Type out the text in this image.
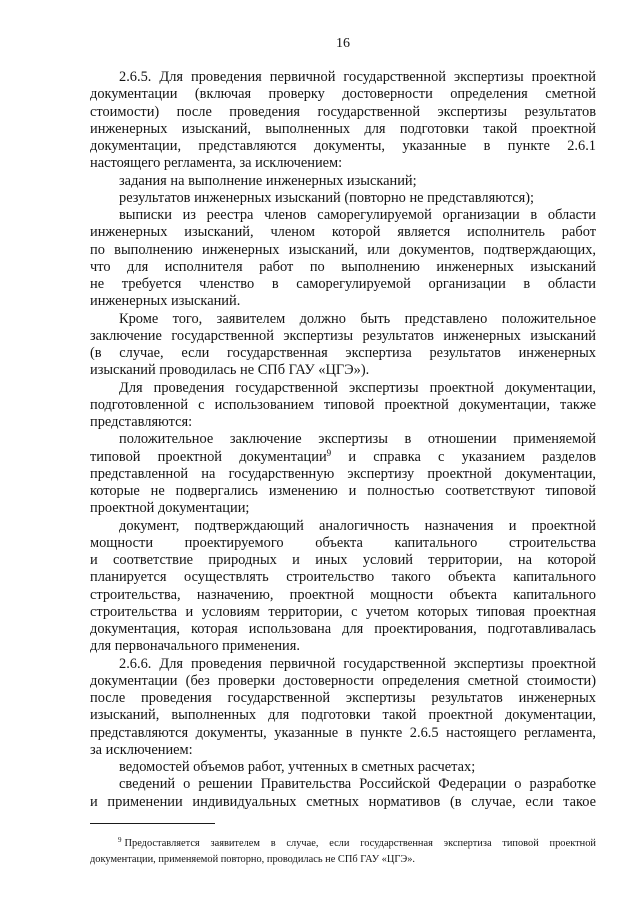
16
2.6.5. Для проведения первичной государственной экспертизы проектной
документации (включая проверку достоверности определения сметной
стоимости) после проведения государственной экспертизы результатов
инженерных изысканий, выполненных для подготовки такой проектной
документации, представляются документы, указанные в пункте 2.6.1
настоящего регламента, за исключением:
задания на выполнение инженерных изысканий;
результатов инженерных изысканий (повторно не представляются);
выписки из реестра членов саморегулируемой организации в области
инженерных изысканий, членом которой является исполнитель работ
по выполнению инженерных изысканий, или документов, подтверждающих,
что для исполнителя работ по выполнению инженерных изысканий
не требуется членство в саморегулируемой организации в области
инженерных изысканий.
Кроме того, заявителем должно быть представлено положительное
заключение государственной экспертизы результатов инженерных изысканий
(в случае, если государственная экспертиза результатов инженерных
изысканий проводилась не СПб ГАУ «ЦГЭ»).
Для проведения государственной экспертизы проектной документации,
подготовленной с использованием типовой проектной документации, также
представляются:
положительное заключение экспертизы в отношении применяемой
типовой проектной документации$^9$ и справка с указанием разделов
представленной на государственную экспертизу проектной документации,
которые не подвергались изменению и полностью соответствуют типовой
проектной документации;
документ, подтверждающий аналогичность назначения и проектной
мощности проектируемого объекта капитального строительства
и соответствие природных и иных условий территории, на которой
планируется осуществлять строительство такого объекта капитального
строительства, назначению, проектной мощности объекта капитального
строительства и условиям территории, с учетом которых типовая проектная
документация, которая использована для проектирования, подготавливалась
для первоначального применения.
2.6.6. Для проведения первичной государственной экспертизы проектной
документации (без проверки достоверности определения сметной стоимости)
после проведения государственной экспертизы результатов инженерных
изысканий, выполненных для подготовки такой проектной документации,
представляются документы, указанные в пункте 2.6.5 настоящего регламента,
за исключением:
ведомостей объемов работ, учтенных в сметных расчетах;
сведений о решении Правительства Российской Федерации о разработке
и применении индивидуальных сметных нормативов (в случае, если такое
$^9$ Предоставляется заявителем в случае, если государственная экспертиза типовой проектной
документации, применяемой повторно, проводилась не СПб ГАУ «ЦГЭ».
